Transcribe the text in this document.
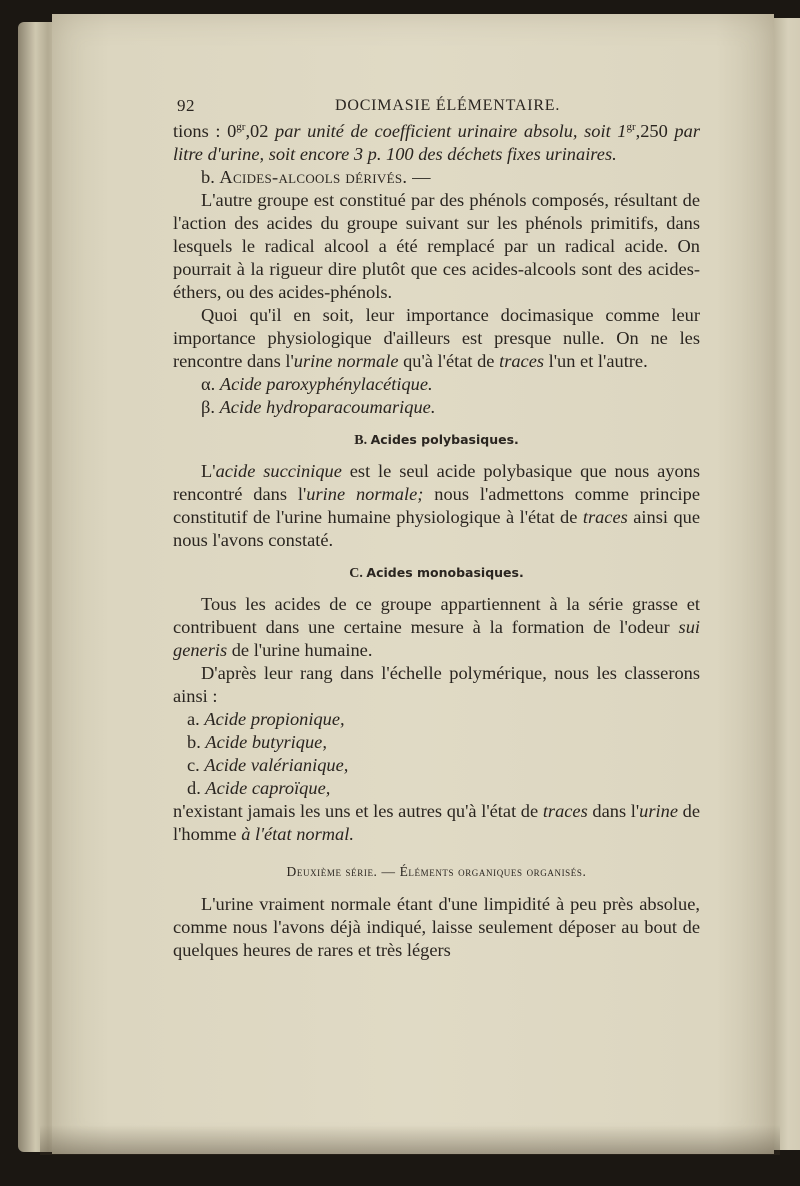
92	DOCIMASIE ÉLÉMENTAIRE.

tions : $0^{gr},02$ par unité de coefficient urinaire absolu, soit $1^{gr},250$ par litre d'urine, soit encore 3 p. 100 des déchets fixes urinaires.

b. Acides-alcools dérivés. —

L'autre groupe est constitué par des phénols composés, résultant de l'action des acides du groupe suivant sur les phénols primitifs, dans lesquels le radical alcool a été remplacé par un radical acide. On pourrait à la rigueur dire plutôt que ces acides-alcools sont des acides-éthers, ou des acides-phénols.

Quoi qu'il en soit, leur importance docimasique comme leur importance physiologique d'ailleurs est presque nulle. On ne les rencontre dans l'urine normale qu'à l'état de traces l'un et l'autre.

α. Acide paroxyphénylacétique.

β. Acide hydroparacoumarique.

B. Acides polybasiques.

L'acide succinique est le seul acide polybasique que nous ayons rencontré dans l'urine normale; nous l'admettons comme principe constitutif de l'urine humaine physiologique à l'état de traces ainsi que nous l'avons constaté.

C. Acides monobasiques.

Tous les acides de ce groupe appartiennent à la série grasse et contribuent dans une certaine mesure à la formation de l'odeur sui generis de l'urine humaine.

D'après leur rang dans l'échelle polymérique, nous les classerons ainsi :

a. Acide propionique,

b. Acide butyrique,

c. Acide valérianique,

d. Acide caproïque,

n'existant jamais les uns et les autres qu'à l'état de traces dans l'urine de l'homme à l'état normal.

Deuxième série. — Éléments organiques organisés.

L'urine vraiment normale étant d'une limpidité à peu près absolue, comme nous l'avons déjà indiqué, laisse seulement déposer au bout de quelques heures de rares et très légers
